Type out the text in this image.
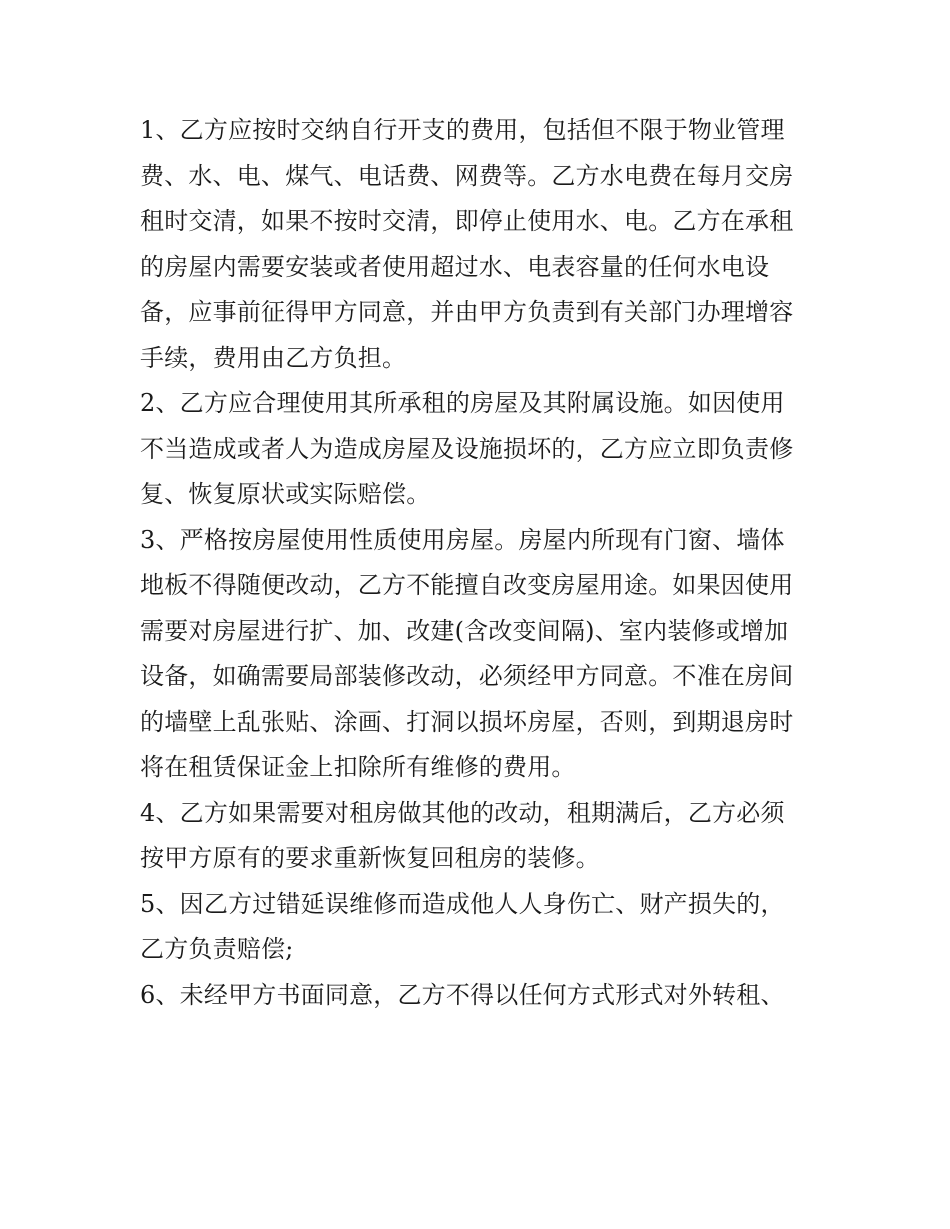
1、乙方应按时交纳自行开支的费用，包括但不限于物业管理
费、水、电、煤气、电话费、网费等。乙方水电费在每月交房
租时交清，如果不按时交清，即停止使用水、电。乙方在承租
的房屋内需要安装或者使用超过水、电表容量的任何水电设
备，应事前征得甲方同意，并由甲方负责到有关部门办理增容
手续，费用由乙方负担。
2、乙方应合理使用其所承租的房屋及其附属设施。如因使用
不当造成或者人为造成房屋及设施损坏的，乙方应立即负责修
复、恢复原状或实际赔偿。
3、严格按房屋使用性质使用房屋。房屋内所现有门窗、墙体
地板不得随便改动，乙方不能擅自改变房屋用途。如果因使用
需要对房屋进行扩、加、改建(含改变间隔)、室内装修或增加
设备，如确需要局部装修改动，必须经甲方同意。不准在房间
的墙壁上乱张贴、涂画、打洞以损坏房屋，否则，到期退房时
将在租赁保证金上扣除所有维修的费用。
4、乙方如果需要对租房做其他的改动，租期满后，乙方必须
按甲方原有的要求重新恢复回租房的装修。
5、因乙方过错延误维修而造成他人人身伤亡、财产损失的，
乙方负责赔偿;
6、未经甲方书面同意，乙方不得以任何方式形式对外转租、
